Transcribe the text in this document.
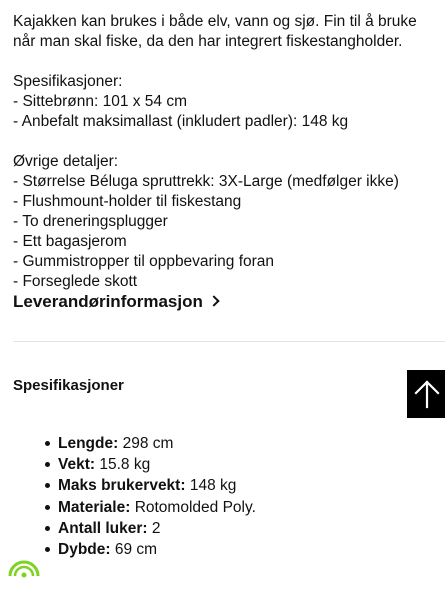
Kajakken kan brukes i både elv, vann og sjø. Fin til å bruke

når man skal fiske, da den har integrert fiskestangholder.

Spesifikasjoner:

- Sittebrønn: 101 x 54 cm

- Anbefalt maksimallast (inkludert padler): 148 kg

Øvrige detaljer:

- Størrelse Béluga spruttrekk: 3X-Large (medfølger ikke)

- Flushmount-holder til fiskestang

- To dreneringsplugger

- Ett bagasjerom

- Gummistropper til oppbevaring foran

- Forseglede skott

Leverandørinformasjon
Spesifikasjoner
Lengde: 298 cm
Vekt: 15.8 kg
Maks brukervekt: 148 kg
Materiale: Rotomolded Poly.
Antall luker: 2
Dybde: 69 cm
